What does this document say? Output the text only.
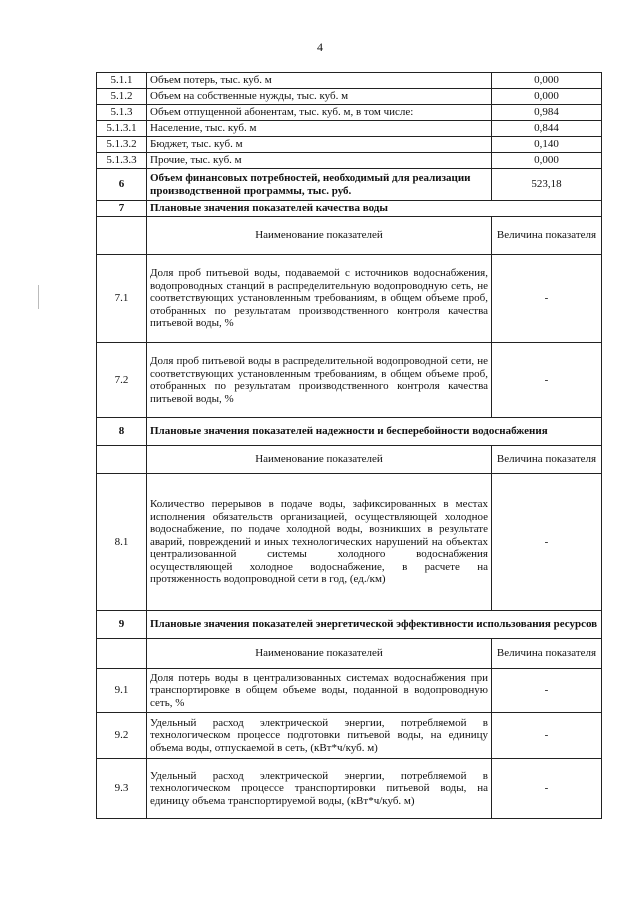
4
5.1.1	Объем потерь, тыс. куб. м	0,000
5.1.2	Объем на собственные нужды, тыс. куб. м	0,000
5.1.3	Объем отпущенной абонентам, тыс. куб. м, в том числе:	0,984
5.1.3.1	Население, тыс. куб. м	0,844
5.1.3.2	Бюджет, тыс. куб. м	0,140
5.1.3.3	Прочие, тыс. куб. м	0,000
6	Объем финансовых потребностей, необходимый для реализации производственной программы, тыс. руб.	523,18
7	Плановые значения показателей качества воды	
	Наименование показателей	Величина показателя
7.1	Доля проб питьевой воды, подаваемой с источников водоснабжения, водопроводных станций в распределительную водопроводную сеть, не соответствующих установленным требованиям, в общем объеме проб, отобранных по результатам производственного контроля качества питьевой воды, %	-
7.2	Доля проб питьевой воды в распределительной водопроводной сети, не соответствующих установленным требованиям, в общем объеме проб, отобранных по результатам производственного контроля качества питьевой воды, %	-
8	Плановые значения показателей надежности и бесперебойности водоснабжения	
	Наименование показателей	Величина показателя
8.1	Количество перерывов в подаче воды, зафиксированных в местах исполнения обязательств организацией, осуществляющей холодное водоснабжение, по подаче холодной воды, возникших в результате аварий, повреждений и иных технологических нарушений на объектах централизованной системы холодного водоснабжения осуществляющей холодное водоснабжение, в расчете на протяженность водопроводной сети в год, (ед./км)	-
9	Плановые значения показателей энергетической эффективности использования ресурсов	
	Наименование показателей	Величина показателя
9.1	Доля потерь воды в централизованных системах водоснабжения при транспортировке в общем объеме воды, поданной в водопроводную сеть, %	-
9.2	Удельный расход электрической энергии, потребляемой в технологическом процессе подготовки питьевой воды, на единицу объема воды, отпускаемой в сеть, (кВт*ч/куб. м)	-
9.3	Удельный расход электрической энергии, потребляемой в технологическом процессе транспортировки питьевой воды, на единицу объема транспортируемой воды, (кВт*ч/куб. м)	-
